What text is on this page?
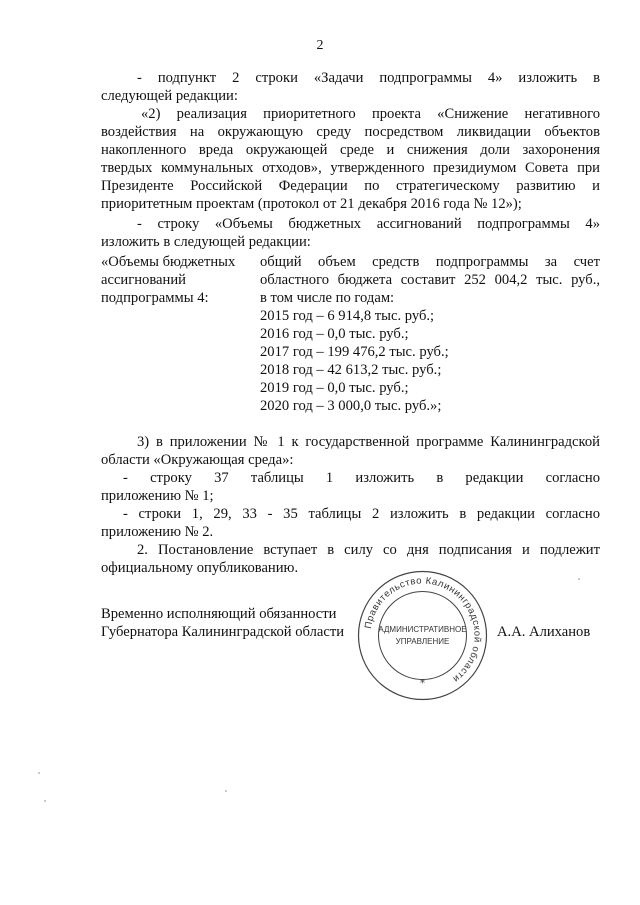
2
- подпункт 2 строки «Задачи подпрограммы 4» изложить в
следующей редакции:
«2) реализация приоритетного проекта «Снижение негативного
воздействия на окружающую среду посредством ликвидации объектов
накопленного вреда окружающей среде и снижения доли захоронения
твердых коммунальных отходов», утвержденного президиумом Совета при
Президенте Российской Федерации по стратегическому развитию и
приоритетным проектам (протокол от 21 декабря 2016 года № 12»);
- строку «Объемы бюджетных ассигнований подпрограммы 4»
изложить в следующей редакции:
«Объемы бюджетных
ассигнований
подпрограммы 4:
общий объем средств подпрограммы за счет
областного бюджета составит 252 004,2 тыс. руб.,
в том числе по годам:
2015 год – 6 914,8 тыс. руб.;
2016 год – 0,0 тыс. руб.;
2017 год – 199 476,2 тыс. руб.;
2018 год – 42 613,2 тыс. руб.;
2019 год – 0,0 тыс. руб.;
2020 год – 3 000,0 тыс. руб.»;
3) в приложении № 1 к государственной программе Калининградской
области «Окружающая среда»:
- строку 37 таблицы 1 изложить в редакции согласно
приложению № 1;
- строки 1, 29, 33 - 35 таблицы 2 изложить в редакции согласно
приложению № 2.
2. Постановление вступает в силу со дня подписания и подлежит
официальному опубликованию.
Временно исполняющий обязанности
Губернатора Калининградской области	А.А. Алиханов
Правительство Калининградской области
АДМИНИСТРАТИВНОЕ
УПРАВЛЕНИЕ
*
